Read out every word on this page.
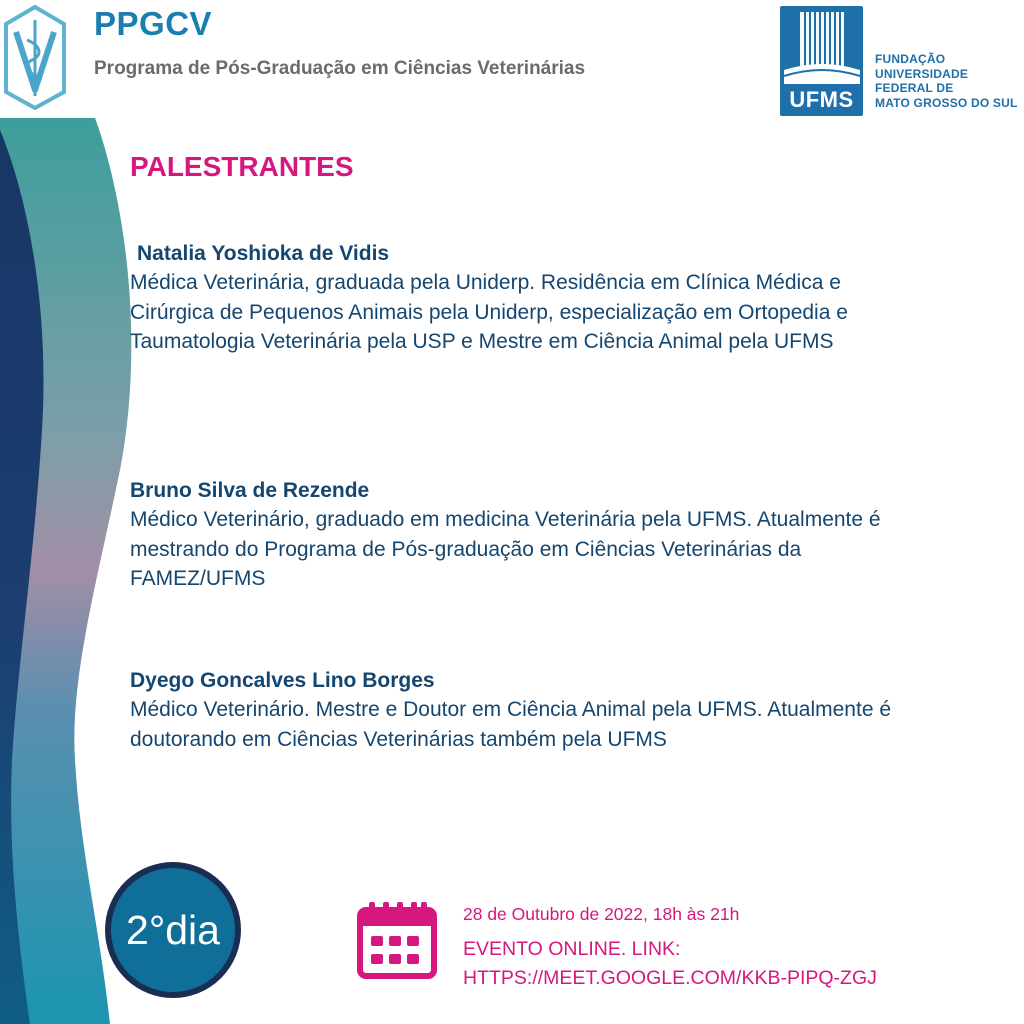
PPGCV
Programa de Pós-Graduação em Ciências Veterinárias
UFMS
FUNDAÇÃO
UNIVERSIDADE
FEDERAL DE
MATO GROSSO DO SUL
PALESTRANTES
Natalia Yoshioka de Vidis
Médica Veterinária, graduada pela Uniderp. Residência em Clínica Médica e Cirúrgica de Pequenos Animais pela Uniderp, especialização em Ortopedia e Taumatologia Veterinária pela USP e Mestre em Ciência Animal pela UFMS
Bruno Silva de Rezende
Médico Veterinário, graduado em medicina Veterinária pela UFMS. Atualmente é mestrando do Programa de Pós-graduação em Ciências Veterinárias da FAMEZ/UFMS
Dyego Goncalves Lino Borges
Médico Veterinário. Mestre e Doutor em Ciência Animal pela UFMS. Atualmente é doutorando em Ciências Veterinárias também pela UFMS
2°dia	28 de Outubro de 2022, 18h às 21h
EVENTO ONLINE. LINK:
HTTPS://MEET.GOOGLE.COM/KKB-PIPQ-ZGJ
